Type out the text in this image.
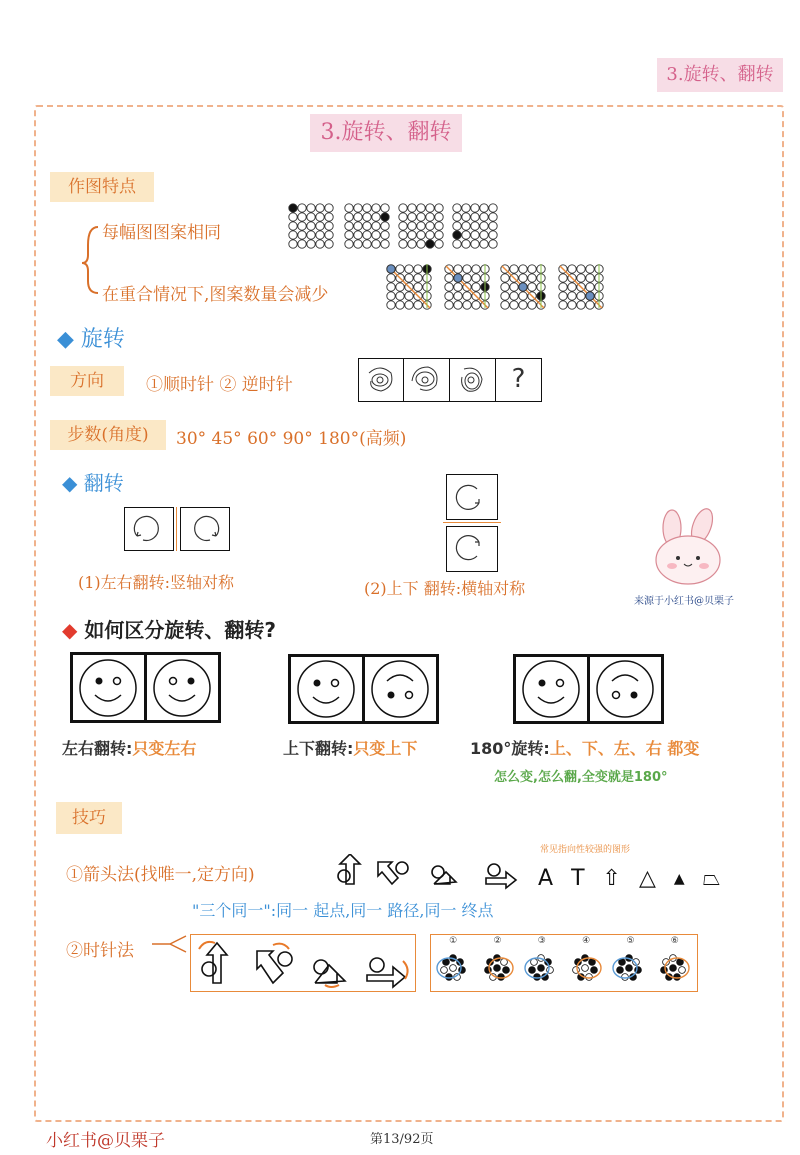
3.旋转、翻转
3.旋转、翻转
作图特点
每幅图图案相同
在重合情况下,图案数量会减少
◆ 旋转
方向	①顺时针 ② 逆时针	?
步数(角度)	30° 45° 60° 90° 180°(高频)
◆ 翻转
(1)左右翻转:竖轴对称	(2)上下 翻转:横轴对称
来源于小红书@贝栗子
◆ 如何区分旋转、翻转?
左右翻转:只变左右	上下翻转:只变上下	180°旋转:上、下、左、右 都变
怎么变,怎么翻,全变就是180°
技巧
①箭头法(找唯一,定方向)
常见指向性较强的图形
A T ⇧ △ ▲ ⏢
"三个同一":同一 起点,同一 路径,同一 终点
②时针法	①	②	③	④	⑤	⑥
小红书@贝栗子	第13/92页
